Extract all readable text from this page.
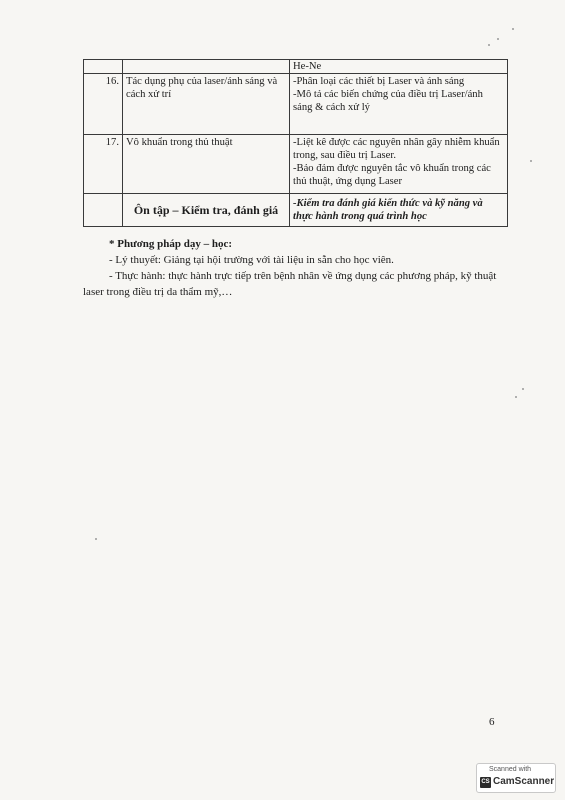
		He-Ne
16.	Tác dụng phụ của laser/ánh sáng và cách xử trí	-Phân loại các thiết bị Laser và ánh sáng
-Mô tả các biến chứng của điều trị Laser/ánh sáng & cách xử lý

17.	Vô khuẩn trong thủ thuật	-Liệt kê được các nguyên nhân gây nhiễm khuẩn trong, sau điều trị Laser.
-Bảo đảm được nguyên tắc vô khuẩn trong các thủ thuật, ứng dụng Laser

	Ôn tập – Kiểm tra, đánh giá	-Kiểm tra đánh giá kiến thức và kỹ năng và thực hành trong quá trình học
* Phương pháp dạy – học:
- Lý thuyết: Giảng tại hội trường với tài liệu in sẵn cho học viên.
- Thực hành: thực hành trực tiếp trên bệnh nhân về ứng dụng các phương pháp, kỹ thuật laser trong điều trị da thẩm mỹ,…
6
Scanned with
CS CamScanner
